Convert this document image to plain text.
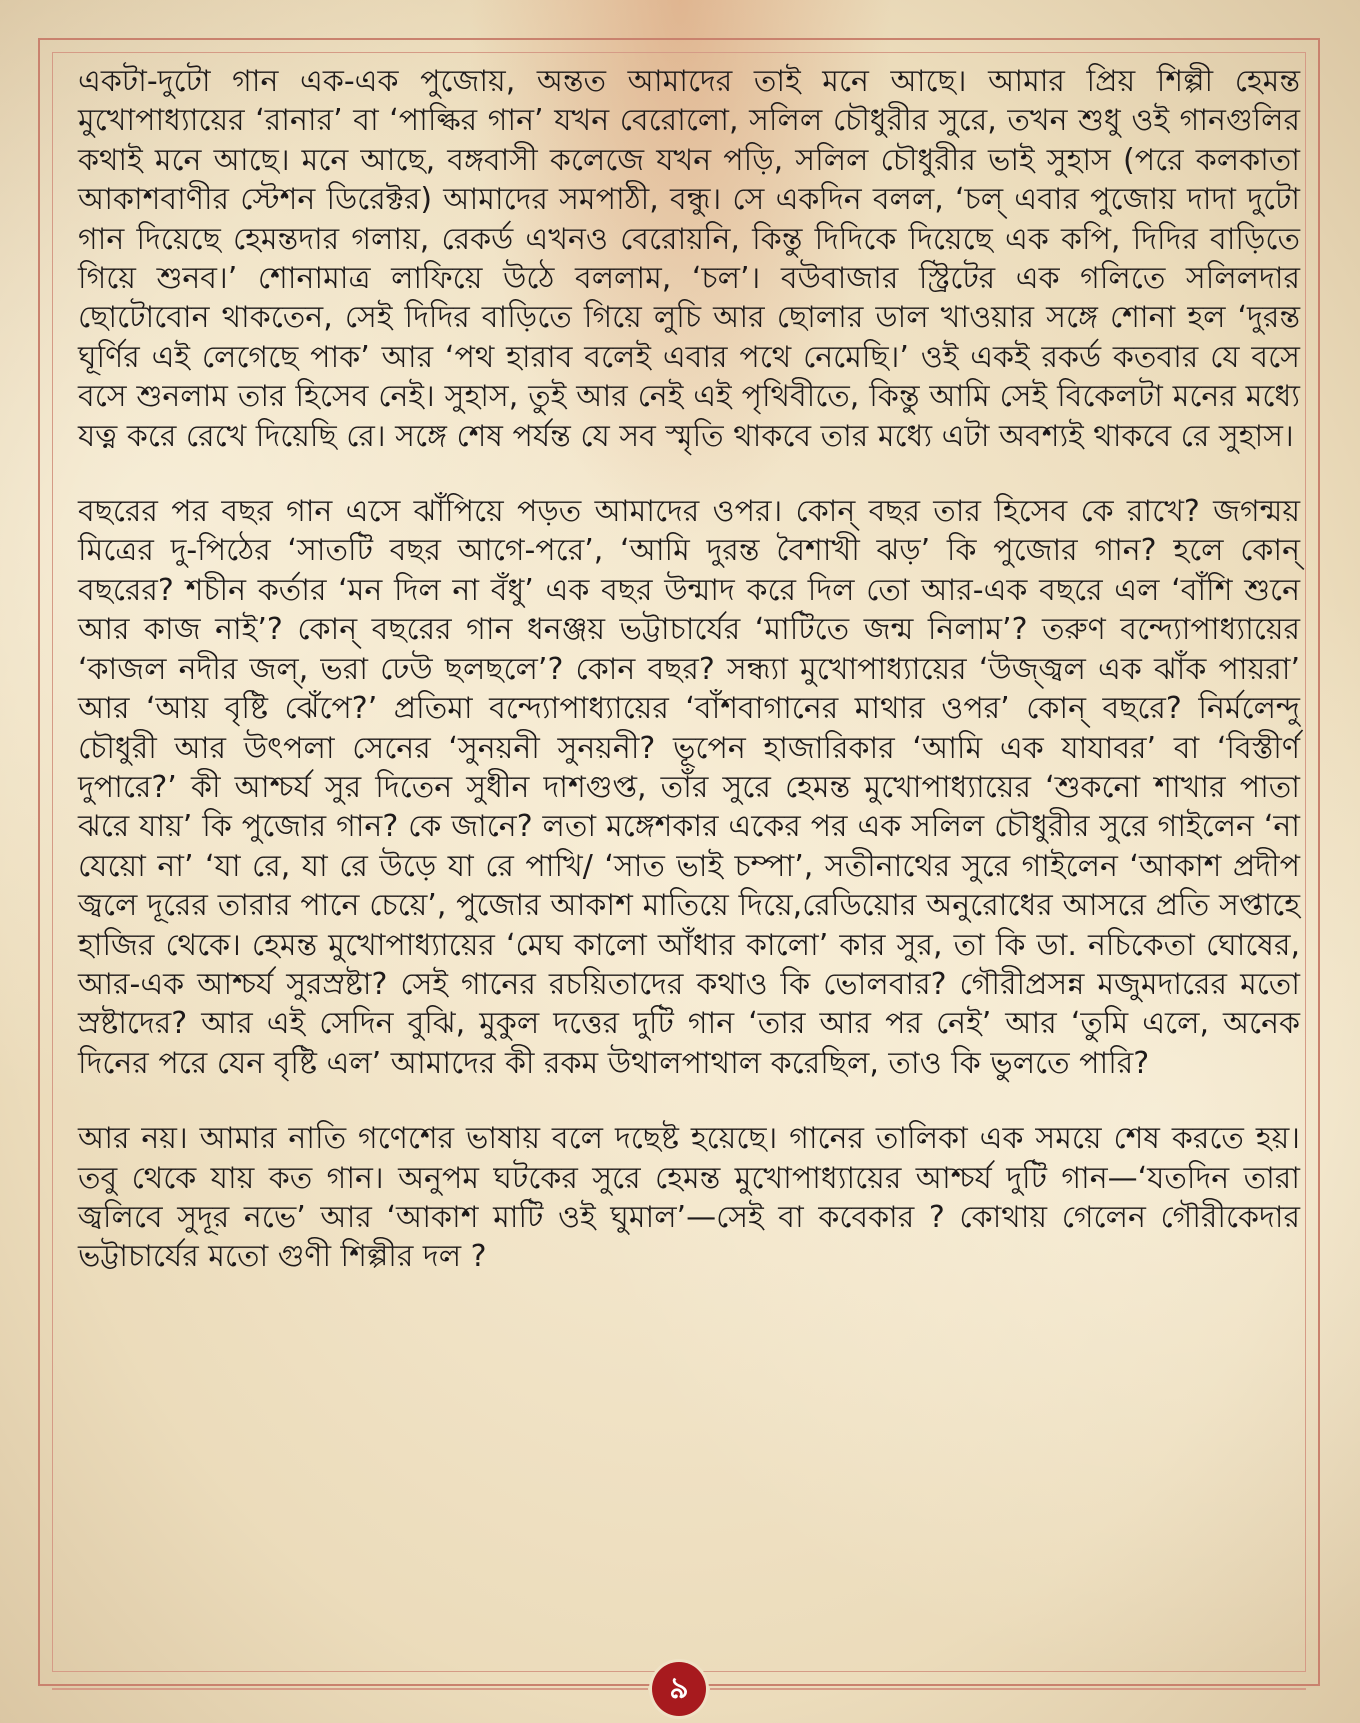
একটা-দুটো গান এক-এক পুজোয়, অন্তত আমাদের তাই মনে আছে। আমার প্রিয় শিল্পী হেমন্ত মুখোপাধ্যায়ের ‘রানার’ বা ‘পাল্কির গান’ যখন বেরোলো, সলিল চৌধুরীর সুরে, তখন শুধু ওই গানগুলির কথাই মনে আছে। মনে আছে, বঙ্গবাসী কলেজে যখন পড়ি, সলিল চৌধুরীর ভাই সুহাস (পরে কলকাতা আকাশবাণীর স্টেশন ডিরেক্টর) আমাদের সমপাঠী, বন্ধু। সে একদিন বলল, ‘চল্ এবার পুজোয় দাদা দুটো গান দিয়েছে হেমন্তদার গলায়, রেকর্ড এখনও বেরোয়নি, কিন্তু দিদিকে দিয়েছে এক কপি, দিদির বাড়িতে গিয়ে শুনব।’ শোনামাত্র লাফিয়ে উঠে বললাম, ‘চল’। বউবাজার স্ট্রিটের এক গলিতে সলিলদার ছোটোবোন থাকতেন, সেই দিদির বাড়িতে গিয়ে লুচি আর ছোলার ডাল খাওয়ার সঙ্গে শোনা হল ‘দুরন্ত ঘূর্ণির এই লেগেছে পাক’ আর ‘পথ হারাব বলেই এবার পথে নেমেছি।’ ওই একই রকর্ড কতবার যে বসে বসে শুনলাম তার হিসেব নেই। সুহাস, তুই আর নেই এই পৃথিবীতে, কিন্তু আমি সেই বিকেলটা মনের মধ্যে যত্ন করে রেখে দিয়েছি রে। সঙ্গে শেষ পর্যন্ত যে সব স্মৃতি থাকবে তার মধ্যে এটা অবশ্যই থাকবে রে সুহাস।

বছরের পর বছর গান এসে ঝাঁপিয়ে পড়ত আমাদের ওপর। কোন্ বছর তার হিসেব কে রাখে? জগন্ময় মিত্রের দু-পিঠের ‘সাতটি বছর আগে-পরে’, ‘আমি দুরন্ত বৈশাখী ঝড়’ কি পুজোর গান? হলে কোন্ বছরের? শচীন কর্তার ‘মন দিল না বঁধু’ এক বছর উন্মাদ করে দিল তো আর-এক বছরে এল ‘বাঁশি শুনে আর কাজ নাই’? কোন্ বছরের গান ধনঞ্জয় ভট্টাচার্যের ‘মাটিতে জন্ম নিলাম’? তরুণ বন্দ্যোপাধ্যায়ের ‘কাজল নদীর জল্, ভরা ঢেউ ছলছলে’? কোন বছর? সন্ধ্যা মুখোপাধ্যায়ের ‘উজ্জ্বল এক ঝাঁক পায়রা’ আর ‘আয় বৃষ্টি ঝেঁপে?’ প্রতিমা বন্দ্যোপাধ্যায়ের ‘বাঁশবাগানের মাথার ওপর’ কোন্ বছরে? নির্মলেন্দু চৌধুরী আর উৎপলা সেনের ‘সুনয়নী সুনয়নী? ভূপেন হাজারিকার ‘আমি এক যাযাবর’ বা ‘বিস্তীর্ণ দুপারে?’ কী আশ্চর্য সুর দিতেন সুধীন দাশগুপ্ত, তাঁর সুরে হেমন্ত মুখোপাধ্যায়ের ‘শুকনো শাখার পাতা ঝরে যায়’ কি পুজোর গান? কে জানে? লতা মঙ্গেশকার একের পর এক সলিল চৌধুরীর সুরে গাইলেন ‘না যেয়ো না’ ‘যা রে, যা রে উড়ে যা রে পাখি/ ‘সাত ভাই চম্পা’, সতীনাথের সুরে গাইলেন ‘আকাশ প্রদীপ জ্বলে দূরের তারার পানে চেয়ে’, পুজোর আকাশ মাতিয়ে দিয়ে,রেডিয়োর অনুরোধের আসরে প্রতি সপ্তাহে হাজির থেকে। হেমন্ত মুখোপাধ্যায়ের ‘মেঘ কালো আঁধার কালো’ কার সুর, তা কি ডা. নচিকেতা ঘোষের, আর-এক আশ্চর্য সুরস্রষ্টা? সেই গানের রচয়িতাদের কথাও কি ভোলবার? গৌরীপ্রসন্ন মজুমদারের মতো স্রষ্টাদের? আর এই সেদিন বুঝি, মুকুল দত্তের দুটি গান ‘তার আর পর নেই’ আর ‘তুমি এলে, অনেক দিনের পরে যেন বৃষ্টি এল’ আমাদের কী রকম উথালপাথাল করেছিল, তাও কি ভুলতে পারি?

আর নয়। আমার নাতি গণেশের ভাষায় বলে দছেষ্ট হয়েছে। গানের তালিকা এক সময়ে শেষ করতে হয়। তবু থেকে যায় কত গান। অনুপম ঘটকের সুরে হেমন্ত মুখোপাধ্যায়ের আশ্চর্য দুটি গান—‘যতদিন তারা জ্বলিবে সুদূর নভে’ আর ‘আকাশ মাটি ওই ঘুমাল’—সেই বা কবেকার ? কোথায় গেলেন গৌরীকেদার ভট্টাচার্যের মতো গুণী শিল্পীর দল ?

৯
